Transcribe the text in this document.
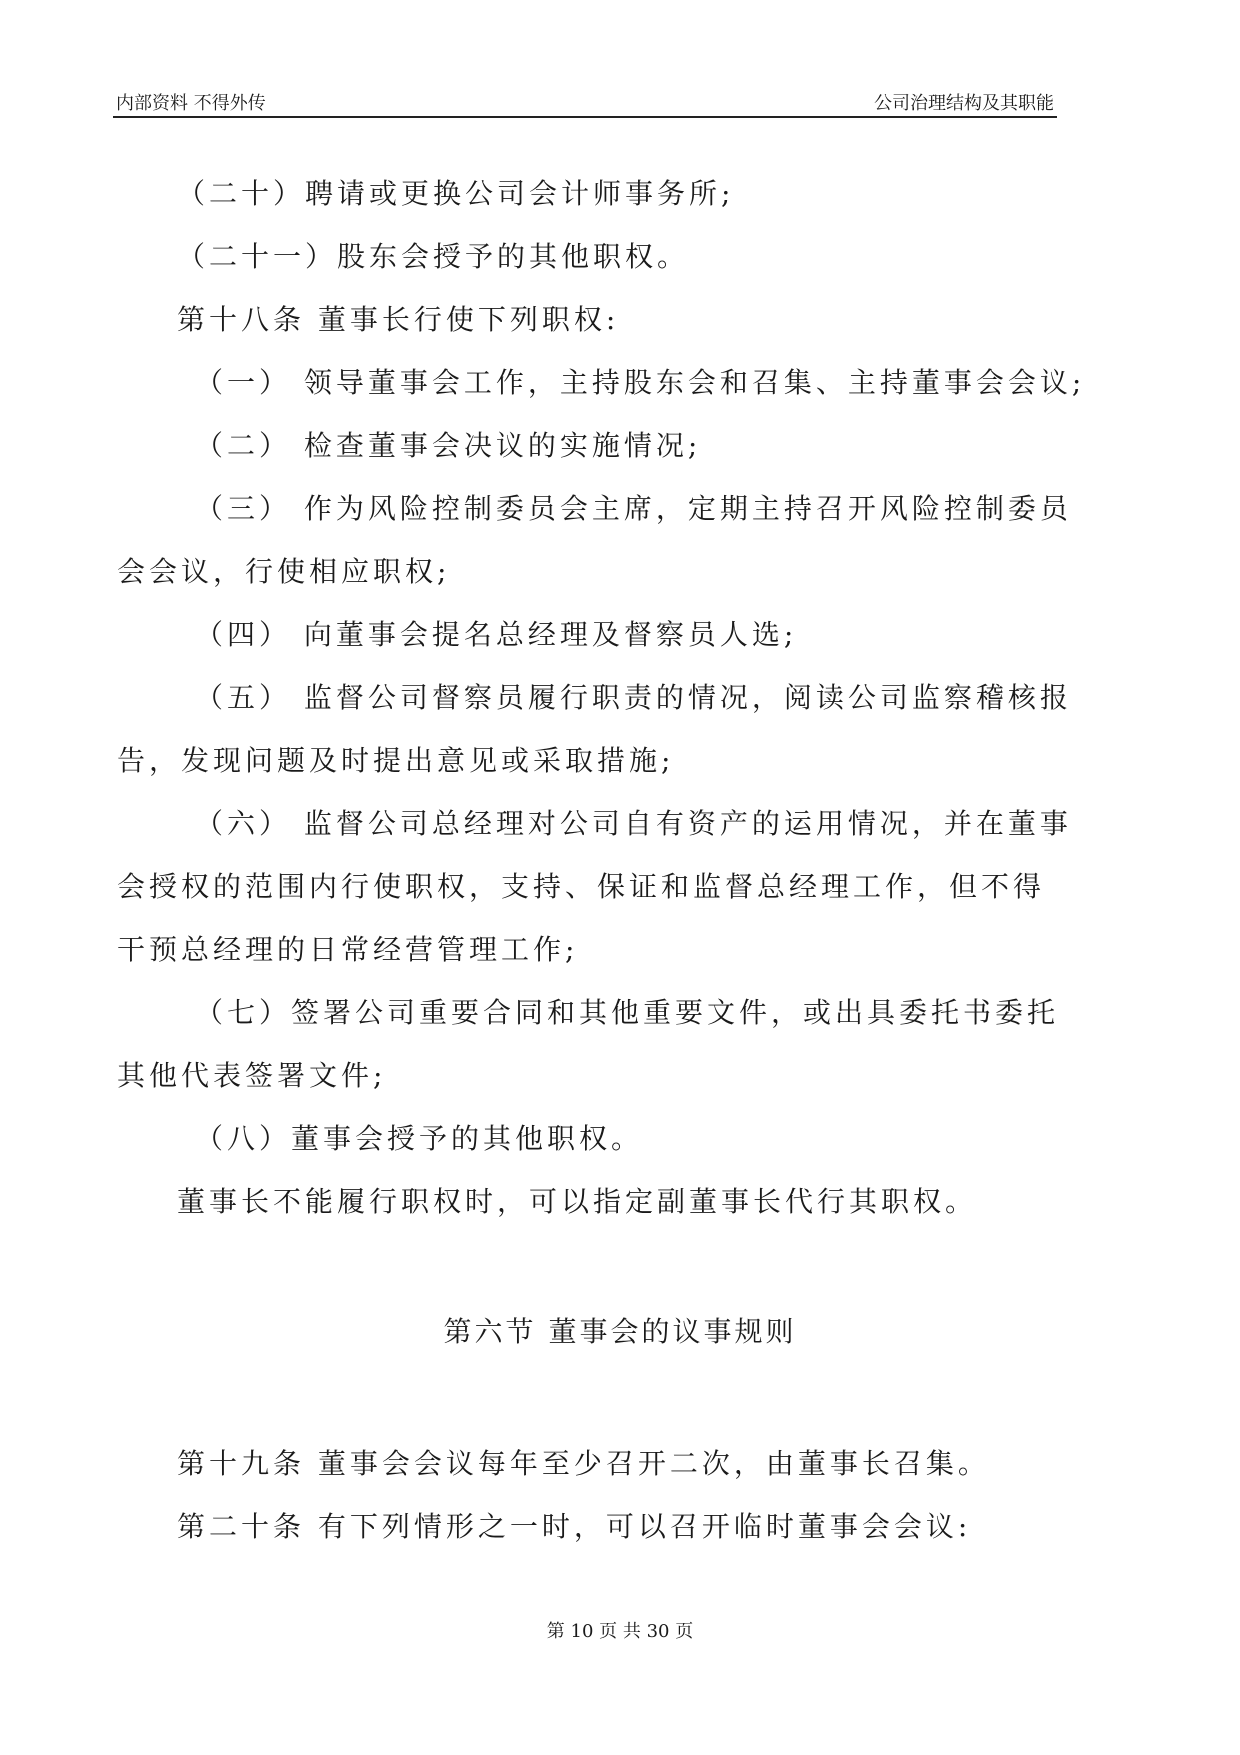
内部资料 不得外传	公司治理结构及其职能

（二十）聘请或更换公司会计师事务所;

（二十一）股东会授予的其他职权。

第十八条 董事长行使下列职权:

（一） 领导董事会工作，主持股东会和召集、主持董事会会议;

（二） 检查董事会决议的实施情况;

（三） 作为风险控制委员会主席，定期主持召开风险控制委员

会会议，行使相应职权;

（四） 向董事会提名总经理及督察员人选;

（五） 监督公司督察员履行职责的情况，阅读公司监察稽核报

告，发现问题及时提出意见或采取措施;

（六） 监督公司总经理对公司自有资产的运用情况，并在董事

会授权的范围内行使职权，支持、保证和监督总经理工作，但不得

干预总经理的日常经营管理工作;

（七）签署公司重要合同和其他重要文件，或出具委托书委托

其他代表签署文件;

（八）董事会授予的其他职权。

董事长不能履行职权时，可以指定副董事长代行其职权。

第六节 董事会的议事规则

第十九条 董事会会议每年至少召开二次，由董事长召集。

第二十条 有下列情形之一时，可以召开临时董事会会议:

第 10 页 共 30 页
